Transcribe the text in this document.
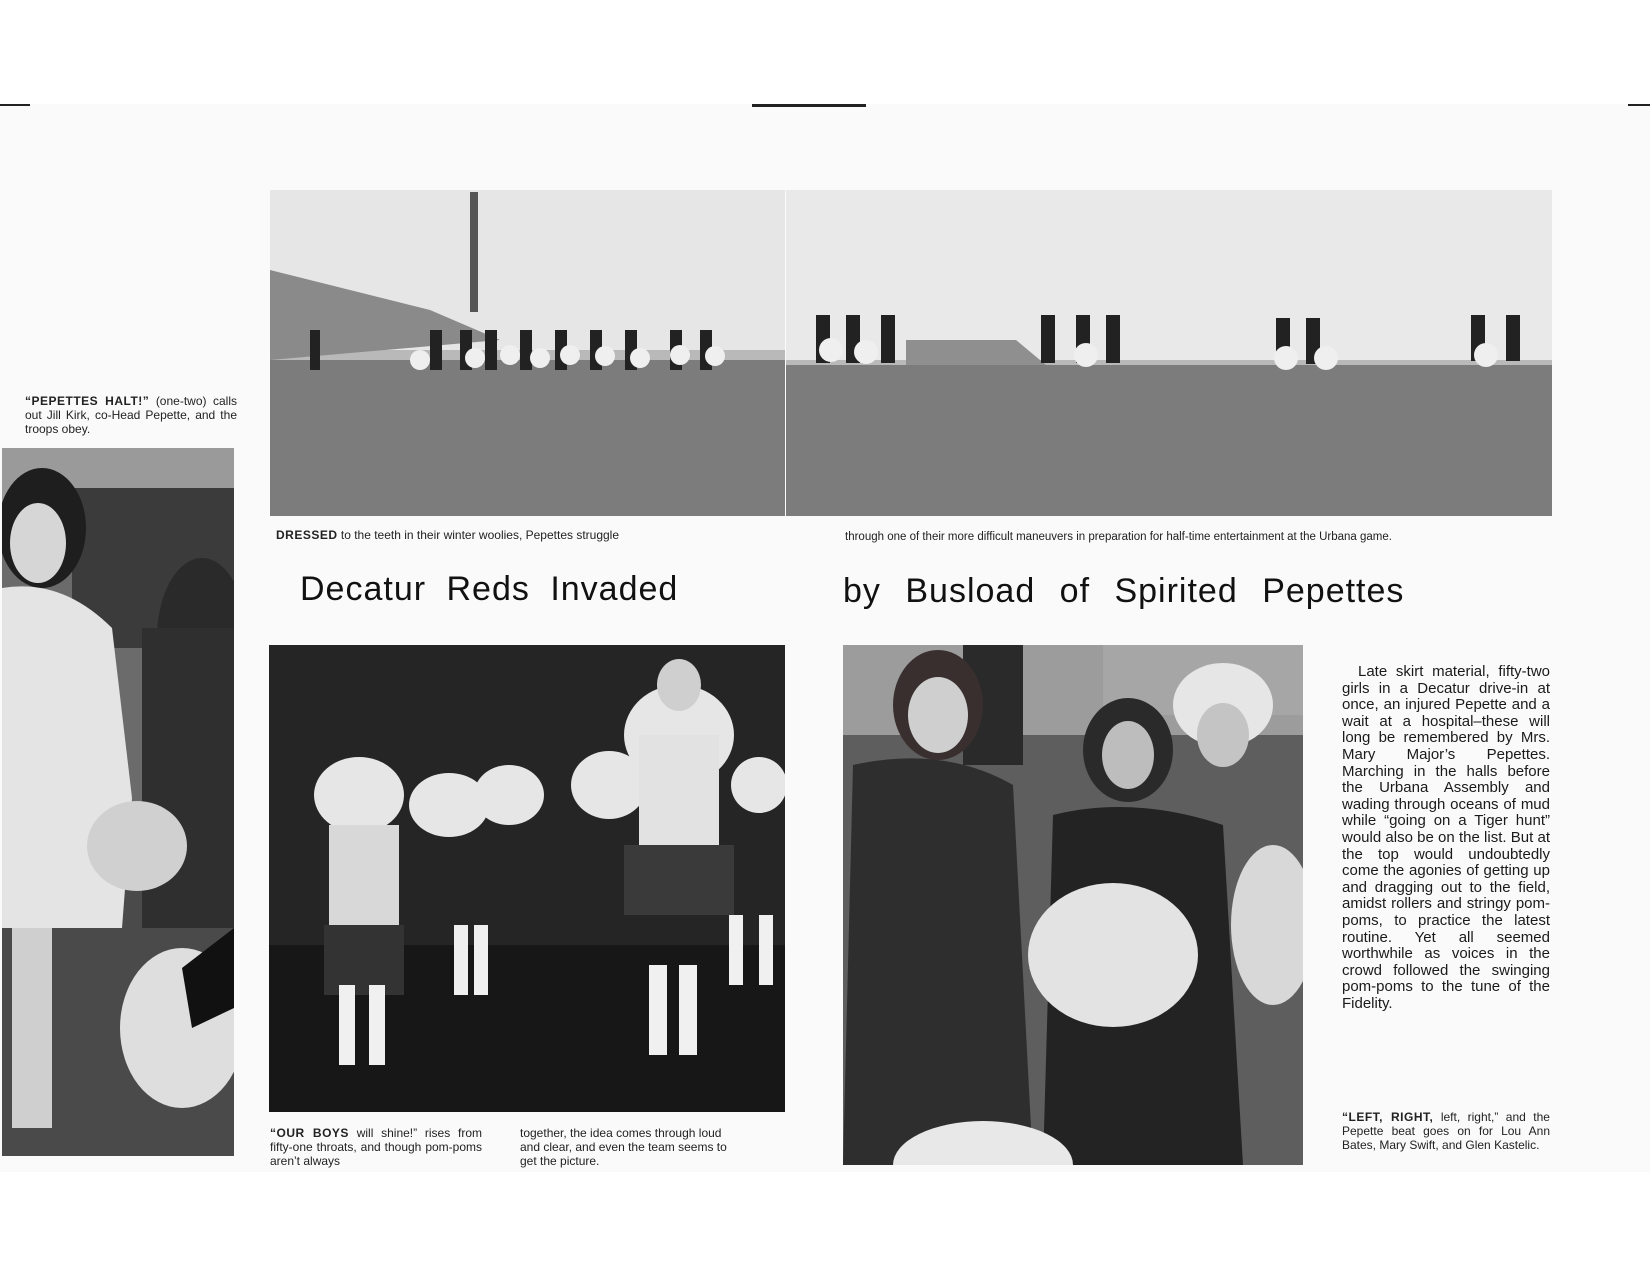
“PEPETTES HALT!” (one-two) calls out Jill Kirk, co-Head Pepette, and the troops obey.
DRESSED to the teeth in their winter woolies, Pepettes struggle	through one of their more difficult maneuvers in preparation for half-time entertainment at the Urbana game.
Decatur Reds Invaded	by Busload of Spirited Pepettes
“OUR BOYS will shine!” rises from fifty-one throats, and though pom-poms aren’t always
together, the idea comes through loud and clear, and even the team seems to get the picture.
Late skirt material, fifty-two girls in a Decatur drive-in at once, an injured Pepette and a wait at a hospital–these will long be remembered by Mrs. Mary Major’s Pepettes. Marching in the halls before the Urbana Assembly and wading through oceans of mud while “going on a Tiger hunt” would also be on the list. But at the top would undoubtedly come the agonies of getting up and dragging out to the field, amidst rollers and stringy pom-poms, to practice the latest routine. Yet all seemed worthwhile as voices in the crowd followed the swinging pom-poms to the tune of the Fidelity.
“LEFT, RIGHT, left, right,” and the Pepette beat goes on for Lou Ann Bates, Mary Swift, and Glen Kastelic.
